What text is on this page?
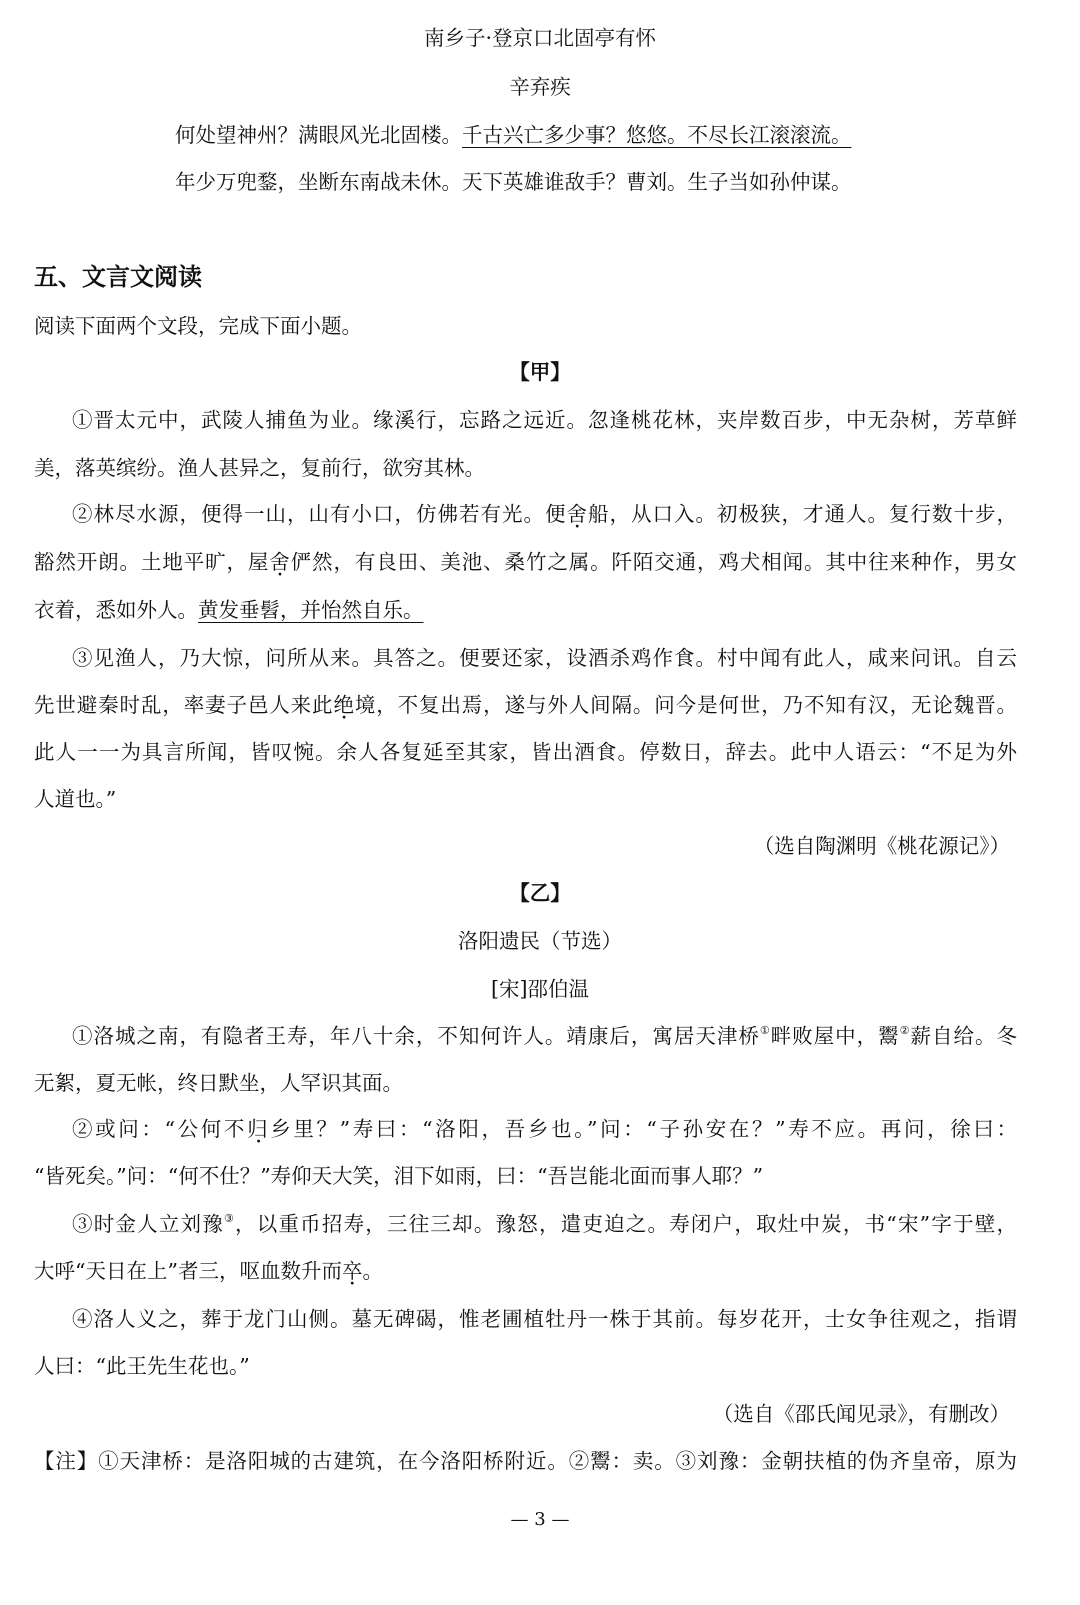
南乡子·登京口北固亭有怀
辛弃疾
何处望神州？满眼风光北固楼。千古兴亡多少事？悠悠。不尽长江滚滚流。
年少万兜鍪，坐断东南战未休。天下英雄谁敌手？曹刘。生子当如孙仲谋。
五、文言文阅读
阅读下面两个文段，完成下面小题。
【甲】
①晋太元中，武陵人捕鱼为业。缘溪行，忘路之远近。忽逢桃花林，夹岸数百步，中无杂树，芳草鲜
美，落英缤纷。渔人甚异之，复前行，欲穷其林。
②林尽水源，便得一山，山有小口，仿佛若有光。便舍船，从口入。初极狭，才通人。复行数十步，
豁然开朗。土地平旷，屋舍俨然，有良田、美池、桑竹之属。阡陌交通，鸡犬相闻。其中往来种作，男女
衣着，悉如外人。黄发垂髫，并怡然自乐。
③见渔人，乃大惊，问所从来。具答之。便要还家，设酒杀鸡作食。村中闻有此人，咸来问讯。自云
先世避秦时乱，率妻子邑人来此绝境，不复出焉，遂与外人间隔。问今是何世，乃不知有汉，无论魏晋。
此人一一为具言所闻，皆叹惋。余人各复延至其家，皆出酒食。停数日，辞去。此中人语云：“不足为外
人道也。”
（选自陶渊明《桃花源记》）
【乙】
洛阳遗民（节选）
[宋]邵伯温
①洛城之南，有隐者王寿，年八十余，不知何许人。靖康后，寓居天津桥①畔败屋中，鬻②薪自给。冬
无絮，夏无帐，终日默坐，人罕识其面。
②或问：“公何不归乡里？”寿曰：“洛阳，吾乡也。”问：“子孙安在？”寿不应。再问，徐曰：
“皆死矣。”问：“何不仕？”寿仰天大笑，泪下如雨，曰：“吾岂能北面而事人耶？”
③时金人立刘豫③，以重币招寿，三往三却。豫怒，遣吏迫之。寿闭户，取灶中炭，书“宋”字于壁，
大呼“天日在上”者三，呕血数升而卒。
④洛人义之，葬于龙门山侧。墓无碑碣，惟老圃植牡丹一株于其前。每岁花开，士女争往观之，指谓
人曰：“此王先生花也。”
（选自《邵氏闻见录》，有删改）
【注】①天津桥：是洛阳城的古建筑，在今洛阳桥附近。②鬻：卖。③刘豫：金朝扶植的伪齐皇帝，原为
— 3 —
